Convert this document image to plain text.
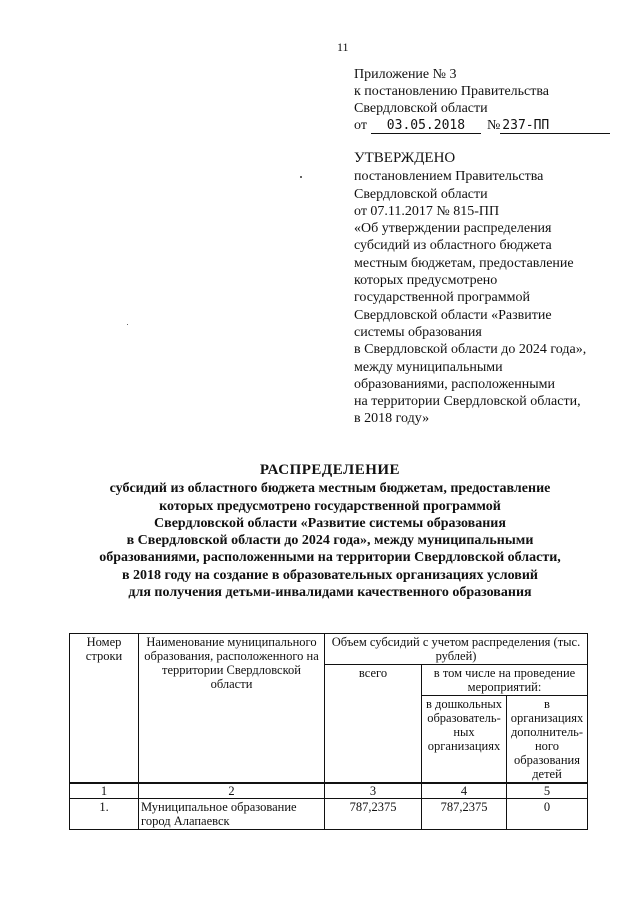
11
Приложение № 3
к постановлению Правительства
Свердловской области
от	03.05.2018	№ 237-ПП
УТВЕРЖДЕНО
постановлением Правительства
Свердловской области
от 07.11.2017 № 815-ПП
«Об утверждении распределения
субсидий из областного бюджета
местным бюджетам, предоставление
которых предусмотрено
государственной программой
Свердловской области «Развитие
системы образования
в Свердловской области до 2024 года»,
между муниципальными
образованиями, расположенными
на территории Свердловской области,
в 2018 году»
РАСПРЕДЕЛЕНИЕ
субсидий из областного бюджета местным бюджетам, предоставление
которых предусмотрено государственной программой
Свердловской области «Развитие системы образования
в Свердловской области до 2024 года», между муниципальными
образованиями, расположенными на территории Свердловской области,
в 2018 году на создание в образовательных организациях условий
для получения детьми-инвалидами качественного образования
Номер строки	Наименование муниципального образования, расположенного на территории Свердловской области	Объем субсидий с учетом распределения (тыс. рублей)		
		всего	в том числе на проведение мероприятий:	
			в дошкольных образователь-ных организациях	в организациях дополнитель-ного образования детей
1	2	3	4	5
1.	Муниципальное образование город Алапаевск	787,2375	787,2375	0
